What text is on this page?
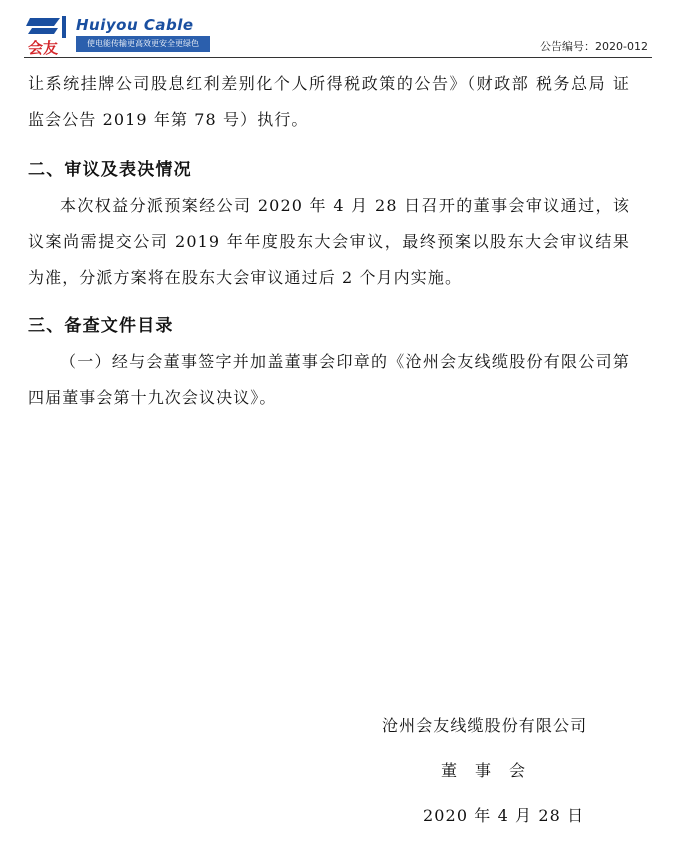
会友
Huiyou Cable
使电能传输更高效更安全更绿色	公告编号：2020-012

让系统挂牌公司股息红利差别化个人所得税政策的公告》（财政部 税务总局 证监会公告 2019 年第 78 号）执行。

二、审议及表决情况

本次权益分派预案经公司 2020 年 4 月 28 日召开的董事会审议通过，该议案尚需提交公司 2019 年年度股东大会审议，最终预案以股东大会审议结果为准，分派方案将在股东大会审议通过后 2 个月内实施。

三、备查文件目录

（一）经与会董事签字并加盖董事会印章的《沧州会友线缆股份有限公司第四届董事会第十九次会议决议》。

沧州会友线缆股份有限公司
董事会
2020 年 4 月 28 日
